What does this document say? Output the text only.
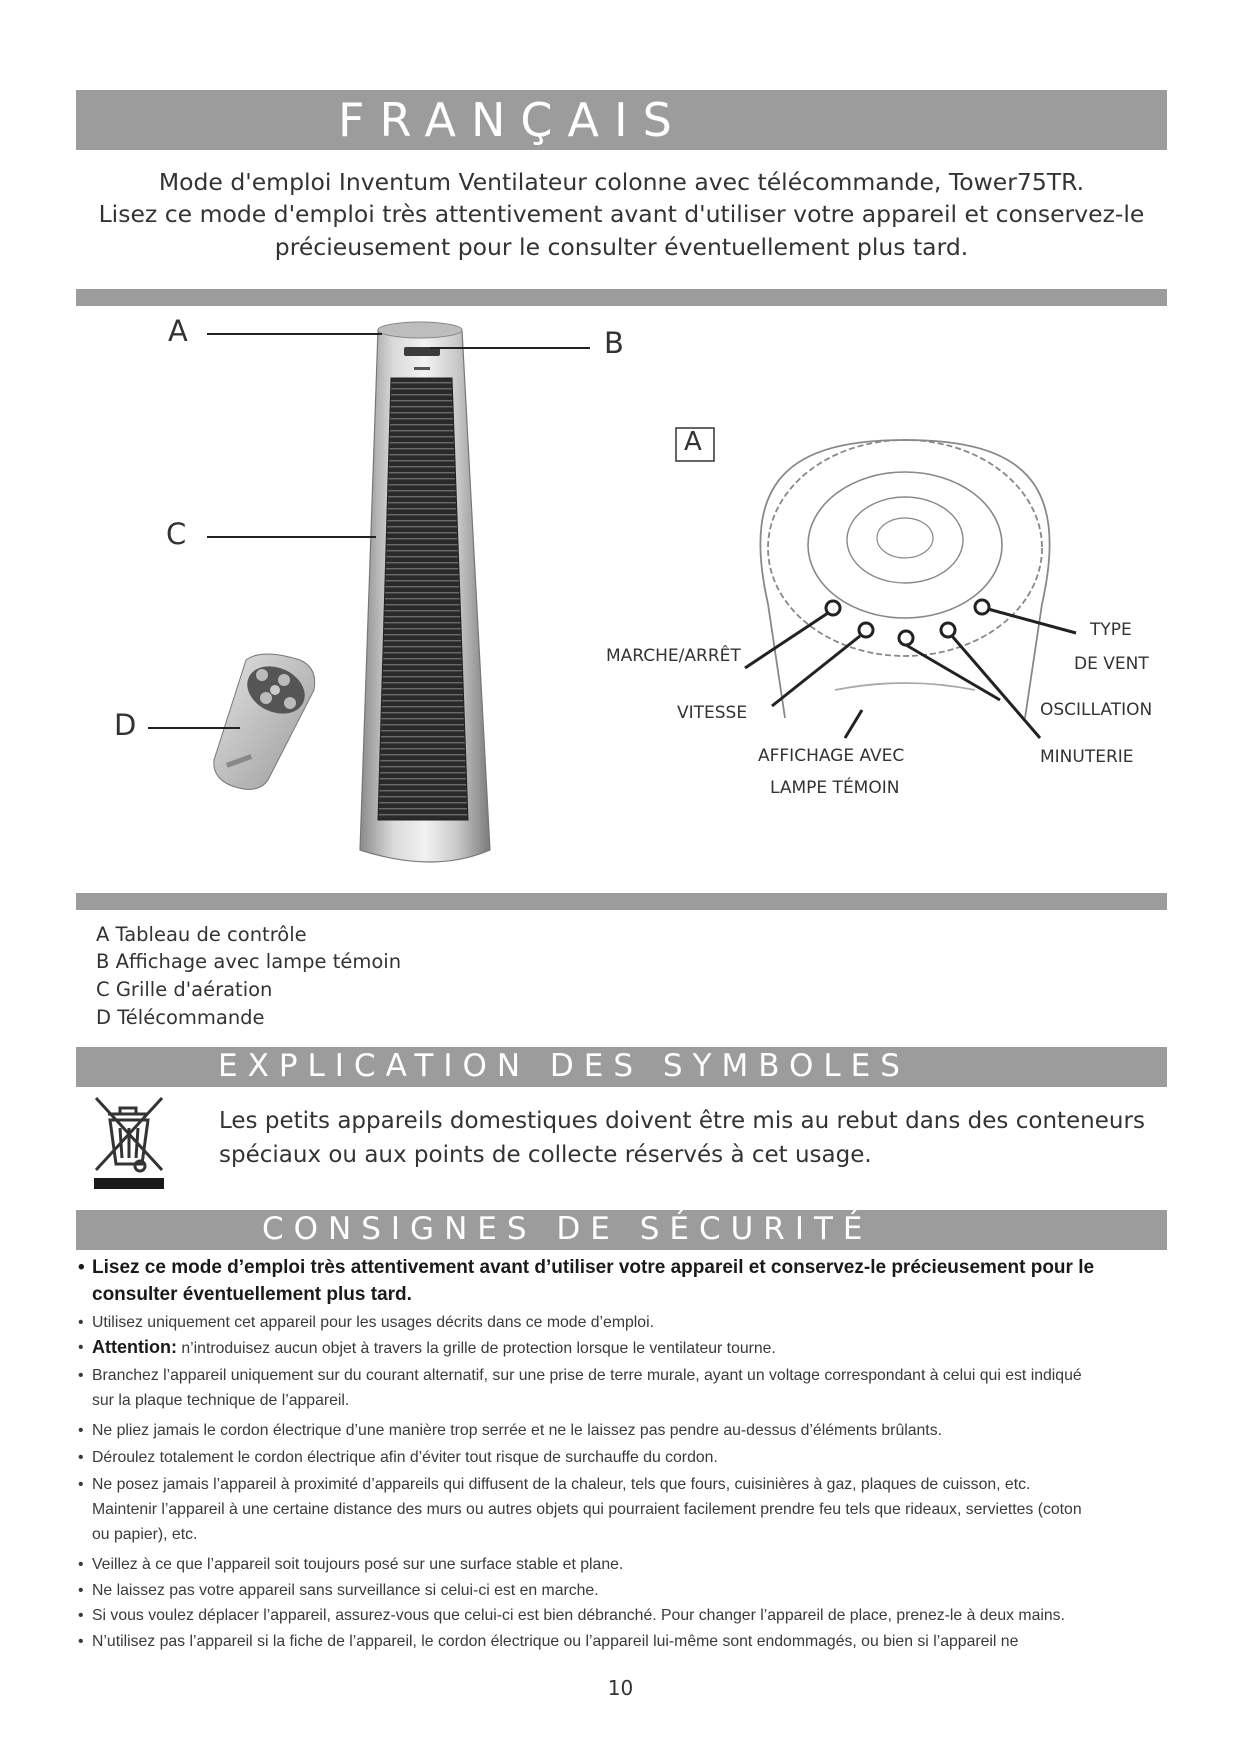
FRANÇAIS
Mode d'emploi Inventum Ventilateur colonne avec télécommande, Tower75TR.
Lisez ce mode d'emploi très attentivement avant d'utiliser votre appareil et conservez-le
précieusement pour le consulter éventuellement plus tard.
A	B
C
D
A
MARCHE/ARRÊT
VITESSE
AFFICHAGE AVEC
LAMPE TÉMOIN
TYPE
DE VENT
OSCILLATION
MINUTERIE
A Tableau de contrôle
B Affichage avec lampe témoin
C Grille d'aération
D Télécommande
EXPLICATION DES SYMBOLES
Les petits appareils domestiques doivent être mis au rebut dans des conteneurs
spéciaux ou aux points de collecte réservés à cet usage.
CONSIGNES DE SÉCURITÉ
• Lisez ce mode d’emploi très attentivement avant d’utiliser votre appareil et conservez-le précieusement pour le
consulter éventuellement plus tard.
• Utilisez uniquement cet appareil pour les usages décrits dans ce mode d’emploi.
• Attention: n’introduisez aucun objet à travers la grille de protection lorsque le ventilateur tourne.
• Branchez l’appareil uniquement sur du courant alternatif, sur une prise de terre murale, ayant un voltage correspondant à celui qui est indiqué
sur la plaque technique de l’appareil.
• Ne pliez jamais le cordon électrique d’une manière trop serrée et ne le laissez pas pendre au-dessus d’éléments brûlants.
• Déroulez totalement le cordon électrique afin d’éviter tout risque de surchauffe du cordon.
• Ne posez jamais l’appareil à proximité d’appareils qui diffusent de la chaleur, tels que fours, cuisinières à gaz, plaques de cuisson, etc.
Maintenir l’appareil à une certaine distance des murs ou autres objets qui pourraient facilement prendre feu tels que rideaux, serviettes (coton
ou papier), etc.
• Veillez à ce que l’appareil soit toujours posé sur une surface stable et plane.
• Ne laissez pas votre appareil sans surveillance si celui-ci est en marche.
• Si vous voulez déplacer l’appareil, assurez-vous que celui-ci est bien débranché. Pour changer l’appareil de place, prenez-le à deux mains.
• N’utilisez pas l’appareil si la fiche de l’appareil, le cordon électrique ou l’appareil lui-même sont endommagés, ou bien si l’appareil ne
10
